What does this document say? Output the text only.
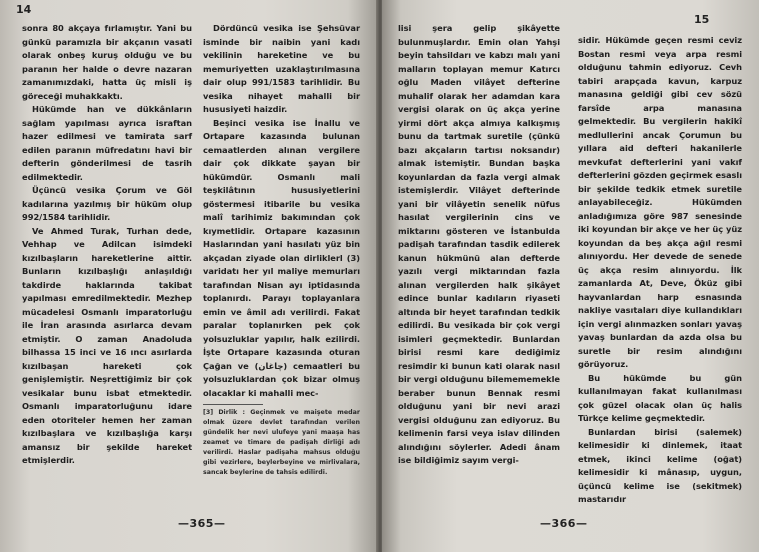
14

sonra 80 akçaya fırlamıştır. Yani bu günkü paramızla bir akçanın vasati olarak onbeş kuruş olduğu ve bu paranın her halde o devre nazaran zamanımızdaki, hatta üç misli iş göreceği muhakkaktı.

Hükümde han ve dükkânların sağlam yapılması ayrıca israftan hazer edilmesi ve tamirata sarf edilen paranın müfredatını havi bir defterin gönderilmesi de tasrih edilmektedir.

Üçüncü vesika Çorum ve Göl kadılarına yazılmış bir hüküm olup 992/1584 tarihlidir.

Ve Ahmed Turak, Turhan dede, Vehhap ve Adilcan isimdeki kızılbaşların hareketlerine aittir. Bunların kızılbaşlığı anlaşıldığı takdirde haklarında takibat yapılması emredilmektedir. Mezhep mücadelesi Osmanlı imparatorluğu ile İran arasında asırlarca devam etmiştir. O zaman Anadoluda bilhassa 15 inci ve 16 ıncı asırlarda kızılbaşan hareketi çok genişlemiştir. Neşrettiğimiz bir çok vesikalar bunu isbat etmektedir. Osmanlı imparatorluğunu idare eden otoriteler hemen her zaman kızılbaşlara ve kızılbaşlığa karşı amansız bir şekilde hareket etmişlerdir.

Dördüncü vesika ise Şehsüvar isminde bir naibin yani kadı vekilinin hareketine ve bu memuriyetten uzaklaştırılmasına dair olup 991/1583 tarihlidir. Bu vesika nihayet mahalli bir hususiyeti haizdir.

Beşinci vesika ise İnallu ve Ortapare kazasında bulunan cemaatlerden alınan vergilere dair çok dikkate şayan bir hükümdür. Osmanlı mali teşkilâtının hususiyetlerini göstermesi itibarile bu vesika malî tarihimiz bakımından çok kıymetlidir. Ortapare kazasının Haslarından yani hasılatı yüz bin akçadan ziyade olan dirliklerl (3) varidatı her yıl maliye memurları tarafından Nisan ayı iptidasında toplanırdı. Parayı toplayanlara emin ve âmil adı verilirdi. Fakat paralar toplanırken pek çok yolsuzluklar yapılır, halk ezilirdi. İşte Ortapare kazasında oturan Çağan ve (چاغان) cemaatleri bu yolsuzluklardan çok bizar olmuş olacaklar ki mahalli mec-

[3] Dirlik : Geçinmek ve maişete medar olmak üzere devlet tarafından verilen gündelik her nevi ulufeye yani maaşa has zeamet ve timare de padişah dirliği adı verilirdi. Haslar padişaha mahsus olduğu gibi vezirlere, beylerbeyine ve mirlivalara, sancak beylerine de tahsis edilirdi.
—365—
15

lisi şera gelip şikâyette bulunmuşlardır. Emin olan Yahşi beyin tahsildarı ve kabzı malı yani malların toplayan memur Katırcı oğlu Maden vilâyet defterine muhalif olarak her adamdan kara vergisi olarak on üç akça yerine yirmi dört akça almıya kalkışmış bunu da tartmak suretile (çünkü bazı akçaların tartısı noksandır) almak istemiştir. Bundan başka koyunlardan da fazla vergi almak istemişlerdir. Vilâyet defterinde yani bir vilâyetin senelik nüfus hasılat vergilerinin cins ve miktarını gösteren ve İstanbulda padişah tarafından tasdik edilerek kanun hükmünü alan defterde yazılı vergi miktarından fazla alınan vergilerden halk şikâyet edince bunlar kadıların riyaseti altında bir heyet tarafından tedkik edilirdi. Bu vesikada bir çok vergi isimleri geçmektedir. Bunlardan birisi resmi kare dediğimiz resimdir ki bunun kati olarak nasıl bir vergi olduğunu bilemememekle beraber bunun Bennak resmi olduğunu yani bir nevi arazi vergisi olduğunu zan ediyoruz. Bu kelimenin farsi veya islav dilinden alındığını söylerler. Adedi ânam ise bildiğimiz sayım vergi-

sidir. Hükümde geçen resmi ceviz Bostan resmi veya arpa resmi olduğunu tahmin ediyoruz. Cevh tabiri arapçada kavun, karpuz manasına geldiği gibi cev sözü farsîde arpa manasına gelmektedir. Bu vergilerin hakikî medlullerini ancak Çorumun bu yıllara aid defteri hakanilerle mevkufat defterlerini yani vakıf defterlerini gözden geçirmek esaslı bir şekilde tedkik etmek suretile anlayabileceğiz. Hükümden anladığımıza göre 987 senesinde iki koyundan bir akçe ve her üç yüz koyundan da beş akça ağıl resmi alınıyordu. Her devede de senede üç akça resim alınıyordu. İlk zamanlarda At, Deve, Öküz gibi hayvanlardan harp esnasında nakliye vasıtaları diye kullandıkları için vergi alınmazken sonları yavaş yavaş bunlardan da azda olsa bu suretle bir resim alındığını görüyoruz.

Bu hükümde bu gün kullanılmayan fakat kullanılması çok güzel olacak olan üç halis Türkçe kelime geçmektedir.

Bunlardan birisi (salemek) kelimesidir ki dinlemek, itaat etmek, ikinci kelime (oğat) kelimesidir ki mânasıp, uygun, üçüncü kelime ise (sekitmek) mastarıdır

—366—
